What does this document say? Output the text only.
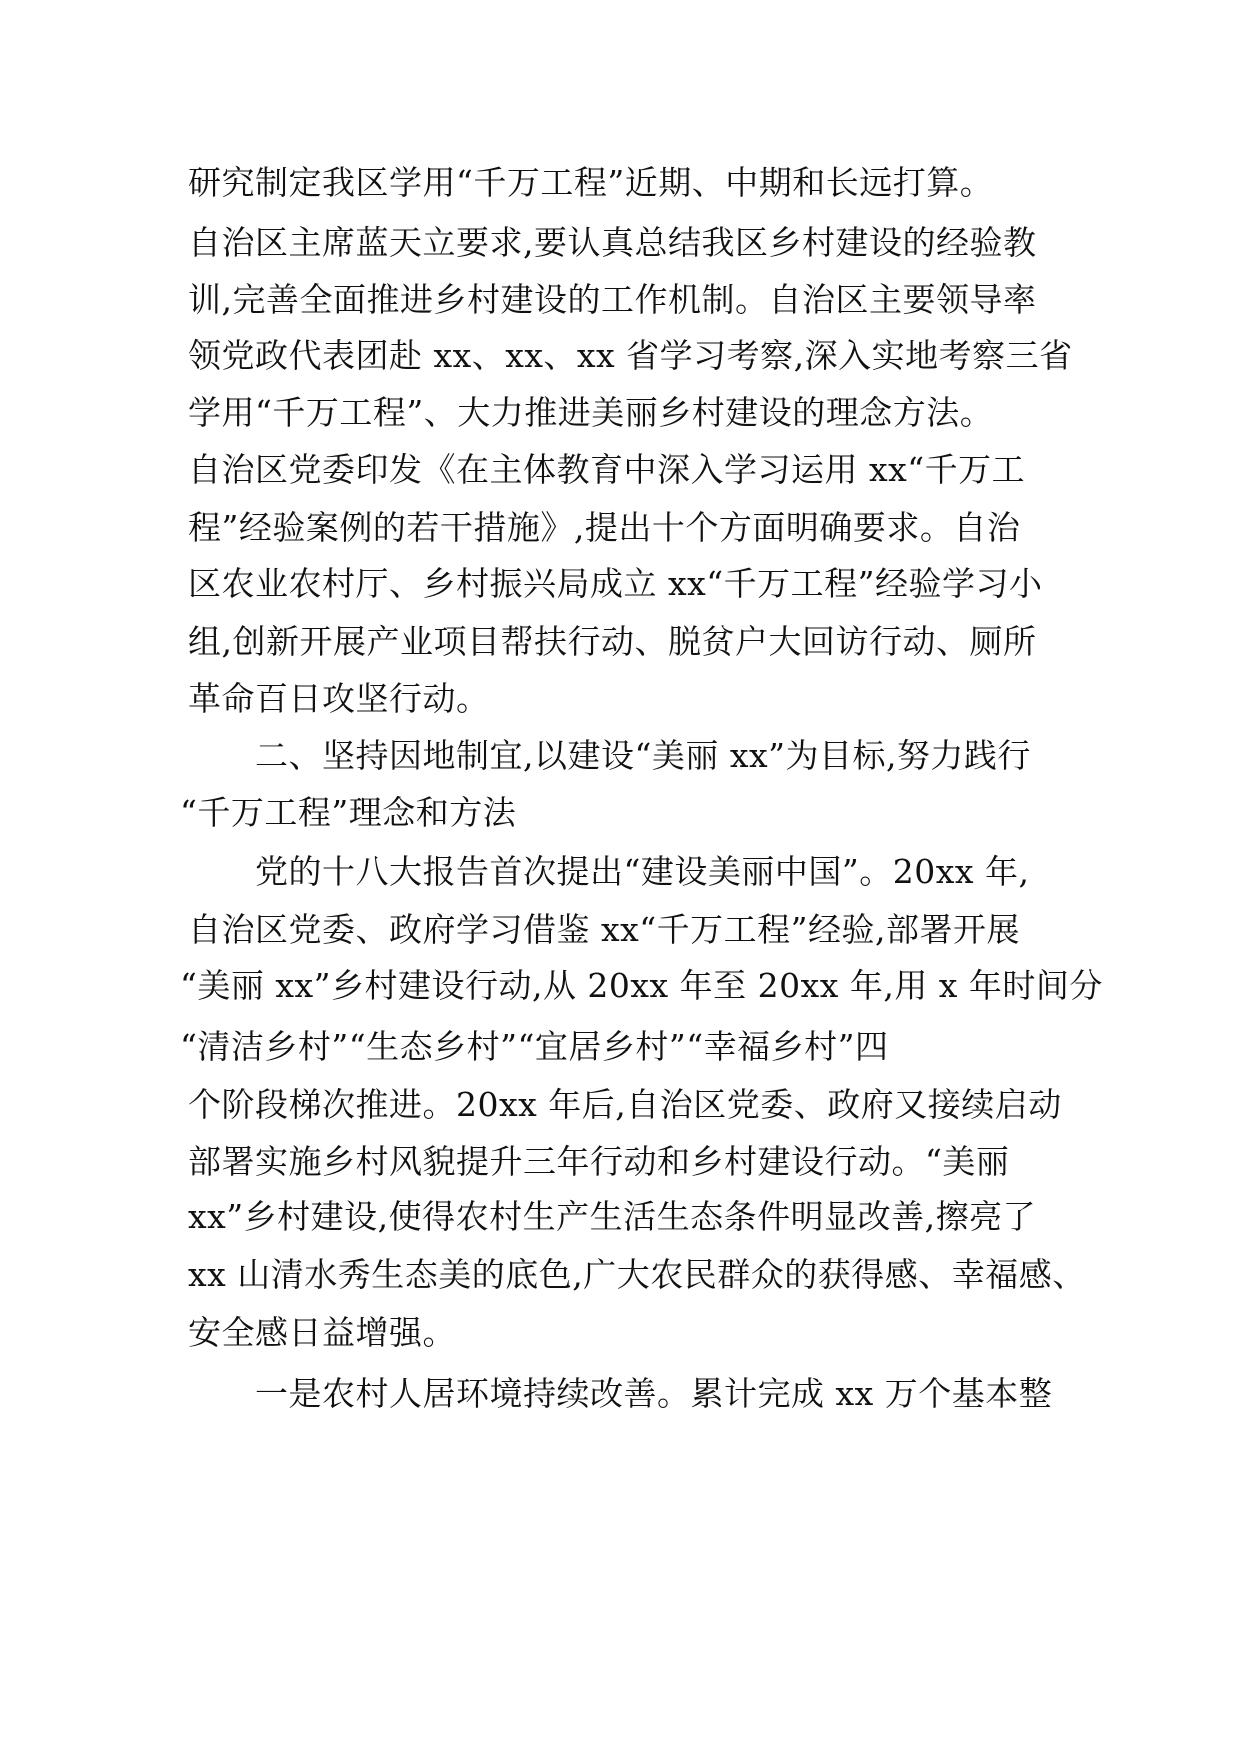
研究制定我区学用“千万工程”近期、中期和长远打算。
自治区主席蓝天立要求,要认真总结我区乡村建设的经验教
训,完善全面推进乡村建设的工作机制。自治区主要领导率
领党政代表团赴 xx、xx、xx 省学习考察,深入实地考察三省
学用“千万工程”、大力推进美丽乡村建设的理念方法。
自治区党委印发《在主体教育中深入学习运用 xx“千万工
程”经验案例的若干措施》,提出十个方面明确要求。自治
区农业农村厅、乡村振兴局成立 xx“千万工程”经验学习小
组,创新开展产业项目帮扶行动、脱贫户大回访行动、厕所
革命百日攻坚行动。
二、坚持因地制宜,以建设“美丽 xx”为目标,努力践行
“千万工程”理念和方法
党的十八大报告首次提出“建设美丽中国”。20xx 年,
自治区党委、政府学习借鉴 xx“千万工程”经验,部署开展
“美丽 xx”乡村建设行动,从 20xx 年至 20xx 年,用 x 年时间分
“清洁乡村”“生态乡村”“宜居乡村”“幸福乡村”四
个阶段梯次推进。20xx 年后,自治区党委、政府又接续启动
部署实施乡村风貌提升三年行动和乡村建设行动。“美丽
xx”乡村建设,使得农村生产生活生态条件明显改善,擦亮了
xx 山清水秀生态美的底色,广大农民群众的获得感、幸福感、
安全感日益增强。
一是农村人居环境持续改善。累计完成 xx 万个基本整
